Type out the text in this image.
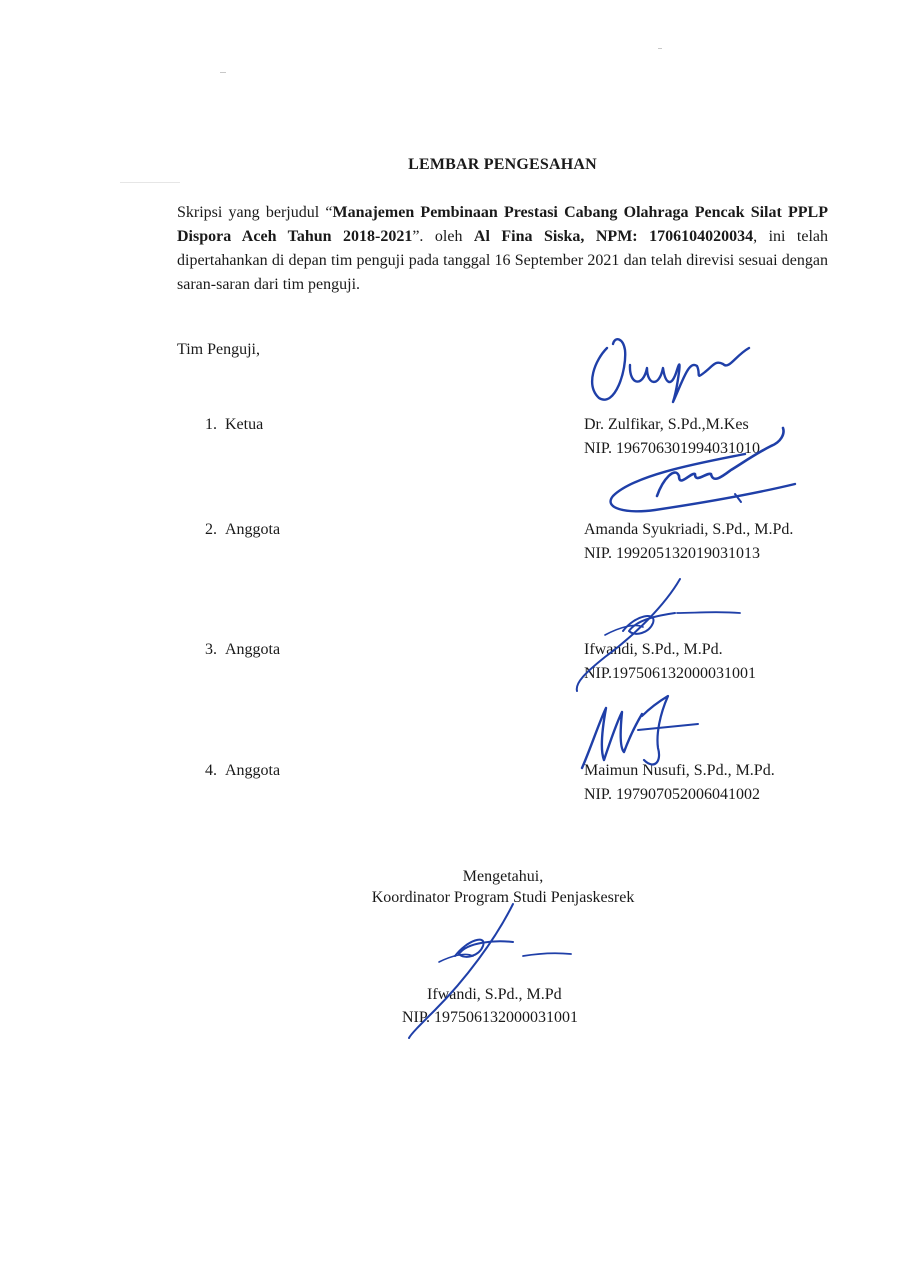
LEMBAR PENGESAHAN
Skripsi yang berjudul “Manajemen Pembinaan Prestasi Cabang Olahraga Pencak Silat PPLP Dispora Aceh Tahun 2018-2021”. oleh Al Fina Siska, NPM: 1706104020034, ini telah dipertahankan di depan tim penguji pada tanggal 16 September 2021 dan telah direvisi sesuai dengan saran-saran dari tim penguji.
Tim Penguji,
1. Ketua	Dr. Zulfikar, S.Pd.,M.Kes
NIP. 196706301994031010
2. Anggota	Amanda Syukriadi, S.Pd., M.Pd.
NIP. 199205132019031013
3. Anggota	Ifwandi, S.Pd., M.Pd.
NIP.197506132000031001
4. Anggota	Maimun Nusufi, S.Pd., M.Pd.
NIP. 197907052006041002
Mengetahui,
Koordinator Program Studi Penjaskesrek
Ifwandi, S.Pd., M.Pd
NIP. 197506132000031001
